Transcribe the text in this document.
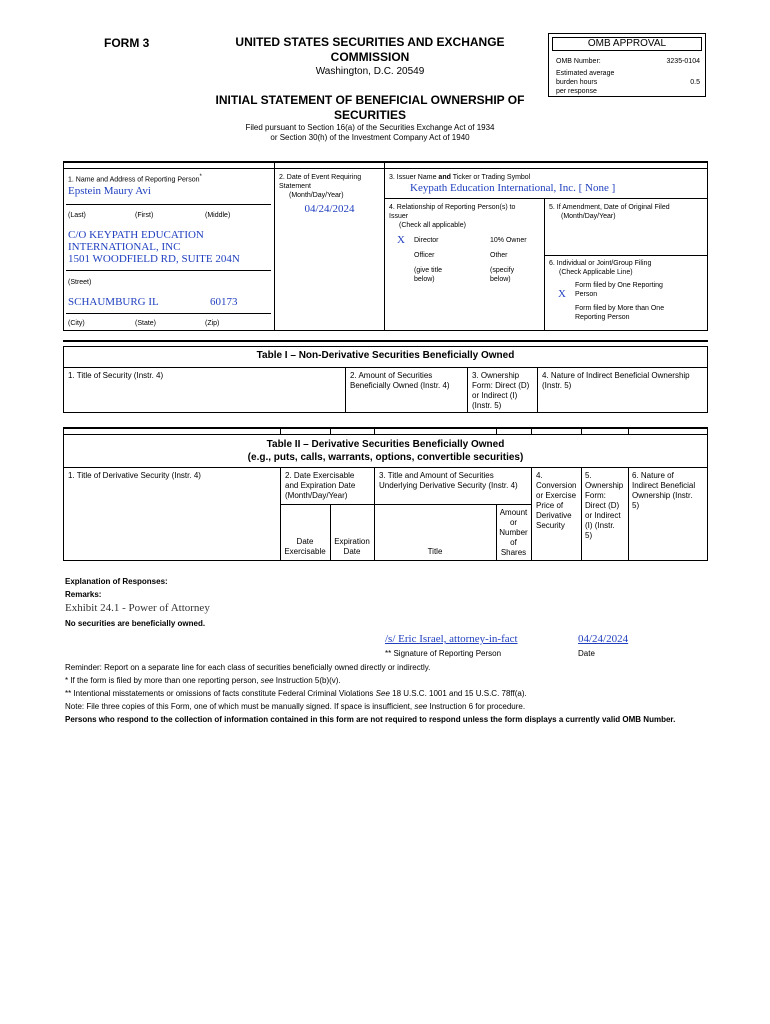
FORM 3	UNITED STATES SECURITIES AND EXCHANGE
COMMISSION
Washington, D.C. 20549
INITIAL STATEMENT OF BENEFICIAL OWNERSHIP OF
SECURITIES
Filed pursuant to Section 16(a) of the Securities Exchange Act of 1934
or Section 30(h) of the Investment Company Act of 1940
OMB APPROVAL
OMB Number:	3235-0104
Estimated average
burden hours
per response
0.5
1. Name and Address of Reporting Person*
Epstein Maury Avi
(Last)	(First)	(Middle)
C/O KEYPATH EDUCATION
INTERNATIONAL, INC
1501 WOODFIELD RD, SUITE 204N
(Street)
SCHAUMBURG IL	60173
(City)	(State)	(Zip)
2. Date of Event Requiring
Statement
(Month/Day/Year)
04/24/2024
3. Issuer Name and Ticker or Trading Symbol
Keypath Education International, Inc. [ None ]
4. Relationship of Reporting Person(s) to
Issuer
(Check all applicable)
X Director	10% Owner
Officer	Other
(give title
below)
(specify
below)
5. If Amendment, Date of Original Filed
(Month/Day/Year)
6. Individual or Joint/Group Filing
(Check Applicable Line)
X
Form filed by One Reporting
Person
Form filed by More than One
Reporting Person
Table I – Non-Derivative Securities Beneficially Owned
1. Title of Security (Instr. 4)	2. Amount of Securities
Beneficially Owned (Instr. 4)
3. Ownership
Form: Direct (D)
or Indirect (I)
(Instr. 5)
4. Nature of Indirect Beneficial Ownership
(Instr. 5)
Table II – Derivative Securities Beneficially Owned
(e.g., puts, calls, warrants, options, convertible securities)
1. Title of Derivative Security (Instr. 4)	2. Date Exercisable
and Expiration Date
(Month/Day/Year)
Date
Exercisable
Expiration
Date
3. Title and Amount of Securities
Underlying Derivative Security (Instr. 4)
Title
Amount
or
Number
of
Shares
4.
Conversion
or Exercise
Price of
Derivative
Security
5.
Ownership
Form:
Direct (D)
or Indirect
(I) (Instr.
5)
6. Nature of
Indirect Beneficial
Ownership (Instr.
5)
Explanation of Responses:
Remarks:
Exhibit 24.1 - Power of Attorney
No securities are beneficially owned.
/s/ Eric Israel, attorney-in-fact	04/24/2024
** Signature of Reporting Person	Date
Reminder: Report on a separate line for each class of securities beneficially owned directly or indirectly.
* If the form is filed by more than one reporting person, see Instruction 5(b)(v).
** Intentional misstatements or omissions of facts constitute Federal Criminal Violations See 18 U.S.C. 1001 and 15 U.S.C. 78ff(a).
Note: File three copies of this Form, one of which must be manually signed. If space is insufficient, see Instruction 6 for procedure.
Persons who respond to the collection of information contained in this form are not required to respond unless the form displays a currently valid OMB Number.
